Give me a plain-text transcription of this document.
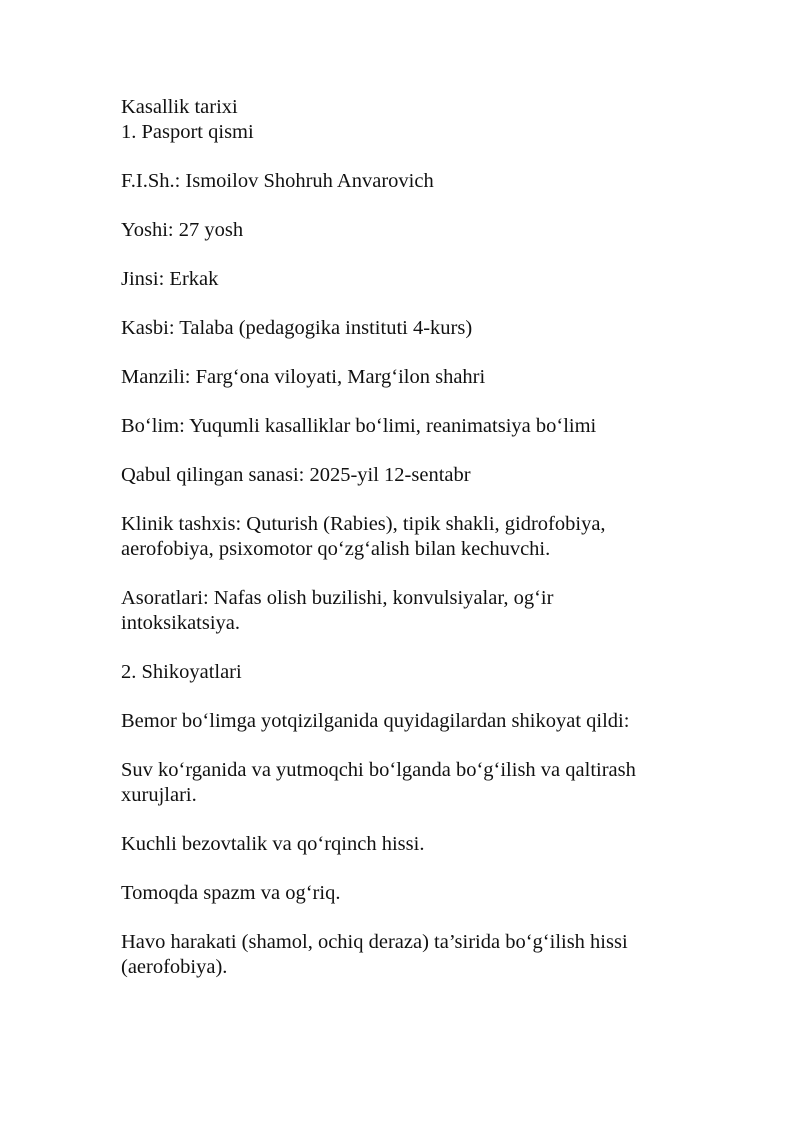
Kasallik tarixi
1. Pasport qismi
F.I.Sh.: Ismoilov Shohruh Anvarovich
Yoshi: 27 yosh
Jinsi: Erkak
Kasbi: Talaba (pedagogika instituti 4-kurs)
Manzili: Farg‘ona viloyati, Marg‘ilon shahri
Bo‘lim: Yuqumli kasalliklar bo‘limi, reanimatsiya bo‘limi
Qabul qilingan sanasi: 2025-yil 12-sentabr
Klinik tashxis: Quturish (Rabies), tipik shakli, gidrofobiya,
aerofobiya, psixomotor qo‘zg‘alish bilan kechuvchi.
Asoratlari: Nafas olish buzilishi, konvulsiyalar, og‘ir
intoksikatsiya.
2. Shikoyatlari
Bemor bo‘limga yotqizilganida quyidagilardan shikoyat qildi:
Suv ko‘rganida va yutmoqchi bo‘lganda bo‘g‘ilish va qaltirash
xurujlari.
Kuchli bezovtalik va qo‘rqinch hissi.
Tomoqda spazm va og‘riq.
Havo harakati (shamol, ochiq deraza) ta’sirida bo‘g‘ilish hissi
(aerofobiya).
